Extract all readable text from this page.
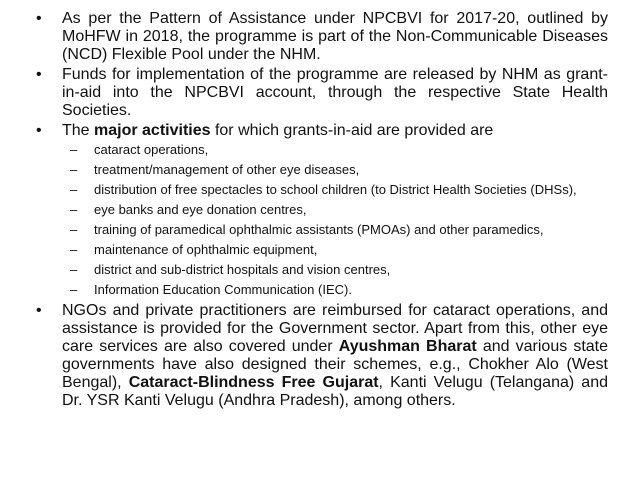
• As per the Pattern of Assistance under NPCBVI for 2017-20, outlined by MoHFW in 2018, the programme is part of the Non-Communicable Diseases (NCD) Flexible Pool under the NHM.
• Funds for implementation of the programme are released by NHM as grant-in-aid into the NPCBVI account, through the respective State Health Societies.
• The major activities for which grants-in-aid are provided are
– cataract operations,
– treatment/management of other eye diseases,
– distribution of free spectacles to school children (to District Health Societies (DHSs),
– eye banks and eye donation centres,
– training of paramedical ophthalmic assistants (PMOAs) and other paramedics,
– maintenance of ophthalmic equipment,
– district and sub-district hospitals and vision centres,
– Information Education Communication (IEC).
• NGOs and private practitioners are reimbursed for cataract operations, and assistance is provided for the Government sector. Apart from this, other eye care services are also covered under Ayushman Bharat and various state governments have also designed their schemes, e.g., Chokher Alo (West Bengal), Cataract-Blindness Free Gujarat, Kanti Velugu (Telangana) and Dr. YSR Kanti Velugu (Andhra Pradesh), among others.
